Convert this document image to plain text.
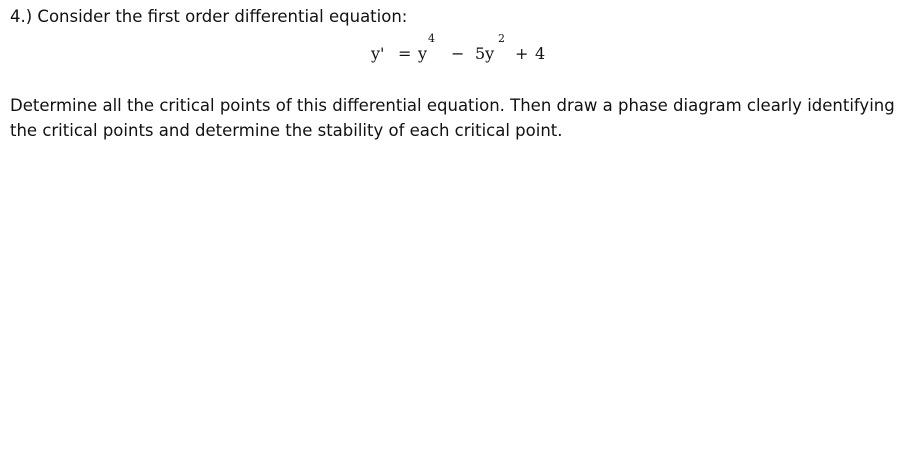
4.) Consider the first order differential equation:
y' = y
4
− 5y
2
+ 4
Determine all the critical points of this differential equation. Then draw a phase diagram clearly identifying
the critical points and determine the stability of each critical point.
